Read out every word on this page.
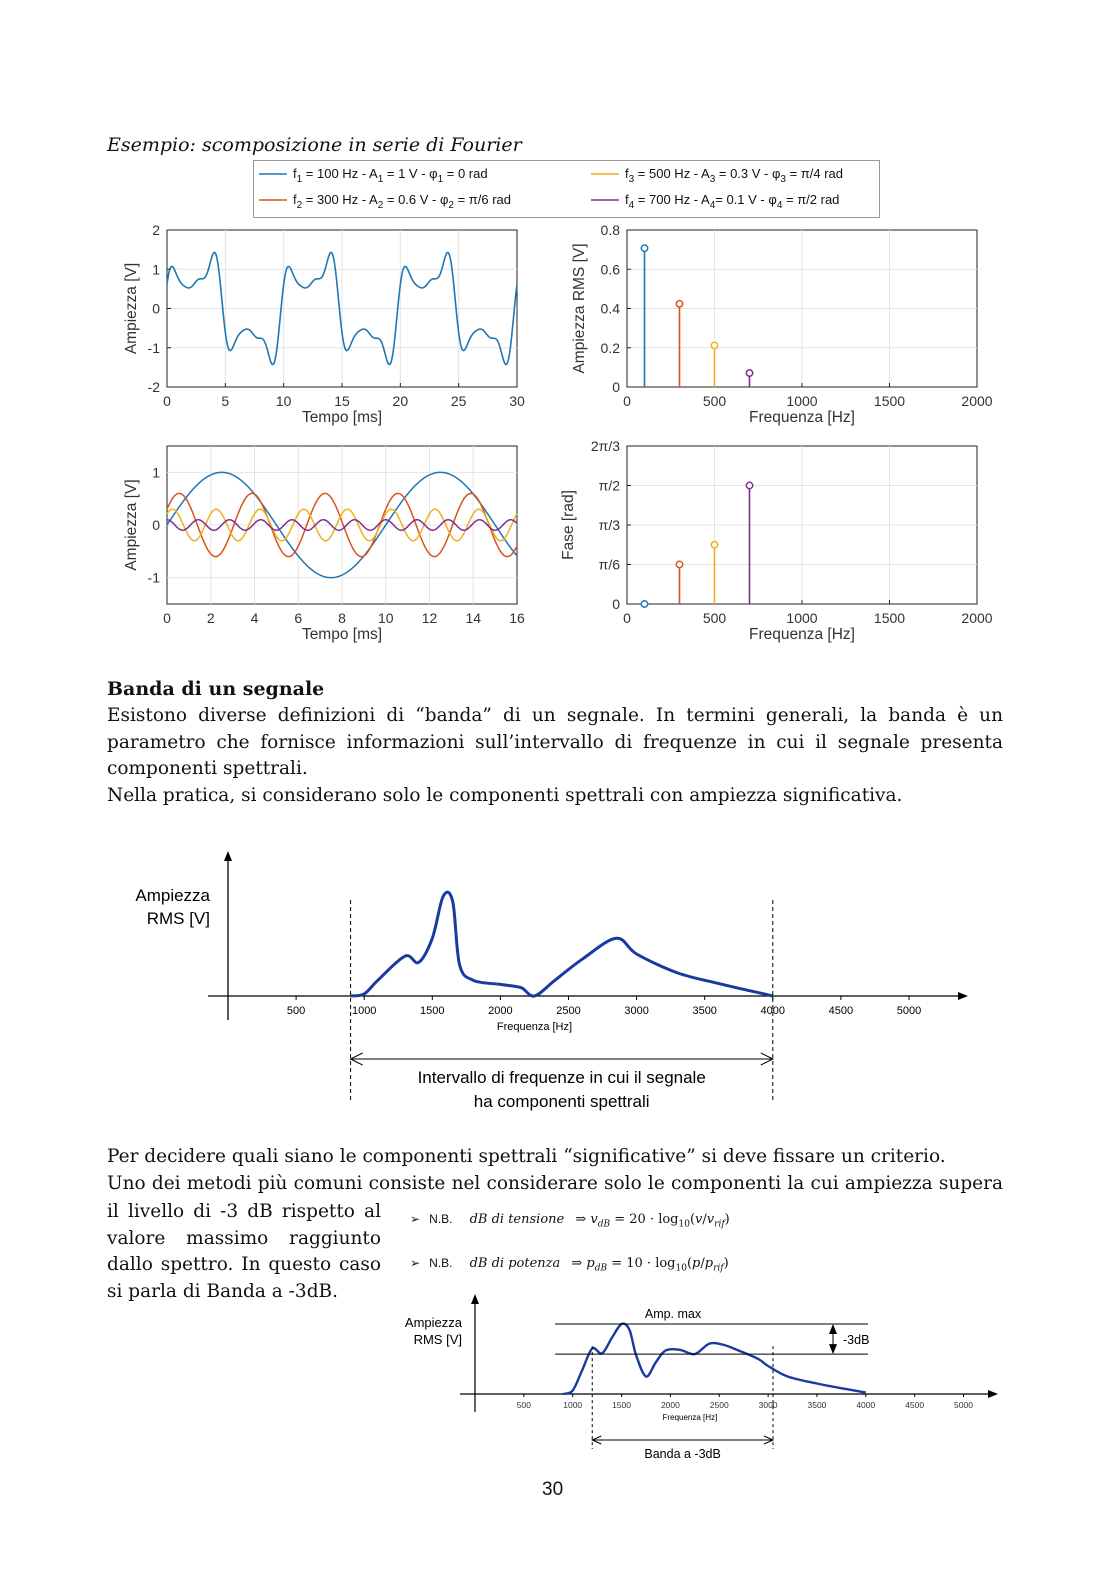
Esempio: scomposizione in serie di Fourier
$f_1 = 100$ $Hz - A_1 = 1$ $V - \varphi_1 = 0$ rad
$f_2 = 300$ $Hz - A_2 = 0.6$ $V - \varphi_2 = \pi/6$ rad
$f_3 = 500$ $Hz - A_3 = 0.3$ $V - \varphi_3 = \pi/4$ rad
$f_4 = 700$ $Hz - A_4= 0.1$ $V - \varphi_4 = \pi/2$ rad
0	5	10	15	20	25	30
2
1
0
-1
-2
Tempo [ms]
Ampiezza [V]
0	500	1000	1500	2000
0.8
0.6
0.4
0.2
0
Frequenza [Hz]
Ampiezza RMS [V]
0	2	4	6	8 10 12 14 16
1
0
-1
Tempo [ms]
Ampiezza [V]
0	500	1000	1500	2000
2π/3
π/2
π/3
π/6
0
Frequenza [Hz]
Fase [rad]
Banda di un segnale
Esistono diverse definizioni di “banda” di un segnale. In termini generali, la banda è un
parametro che fornisce informazioni sull’intervallo di frequenze in cui il segnale presenta
componenti spettrali.
Nella pratica, si considerano solo le componenti spettrali con ampiezza significativa.
500	1000	1500	2000	2500	3000	3500	4000	4500	5000
Frequenza [Hz]
Ampiezza
RMS [V]
Intervallo di frequenze in cui il segnale
ha componenti spettrali
Per decidere quali siano le componenti spettrali “significative” si deve fissare un criterio.
Uno dei metodi più comuni consiste nel considerare solo le componenti la cui ampiezza supera
il livello di -3 dB rispetto al
valore massimo raggiunto
dallo spettro. In questo caso
si parla di Banda a -3dB.
➢ N.B. dB di tensione ⇒ $v_{dB} = 20 \cdot \log_{10}(v/v_{rif})$
➢ N.B. dB di potenza ⇒ $p_{dB} = 10 \cdot \log_{10}(p/p_{rif})$
500	1000	1500	2000	2500	3000	3500	4000	4500	5000
Frequenza [Hz]
Ampiezza
RMS [V]
Amp. max
-3dB
Banda a -3dB
30
